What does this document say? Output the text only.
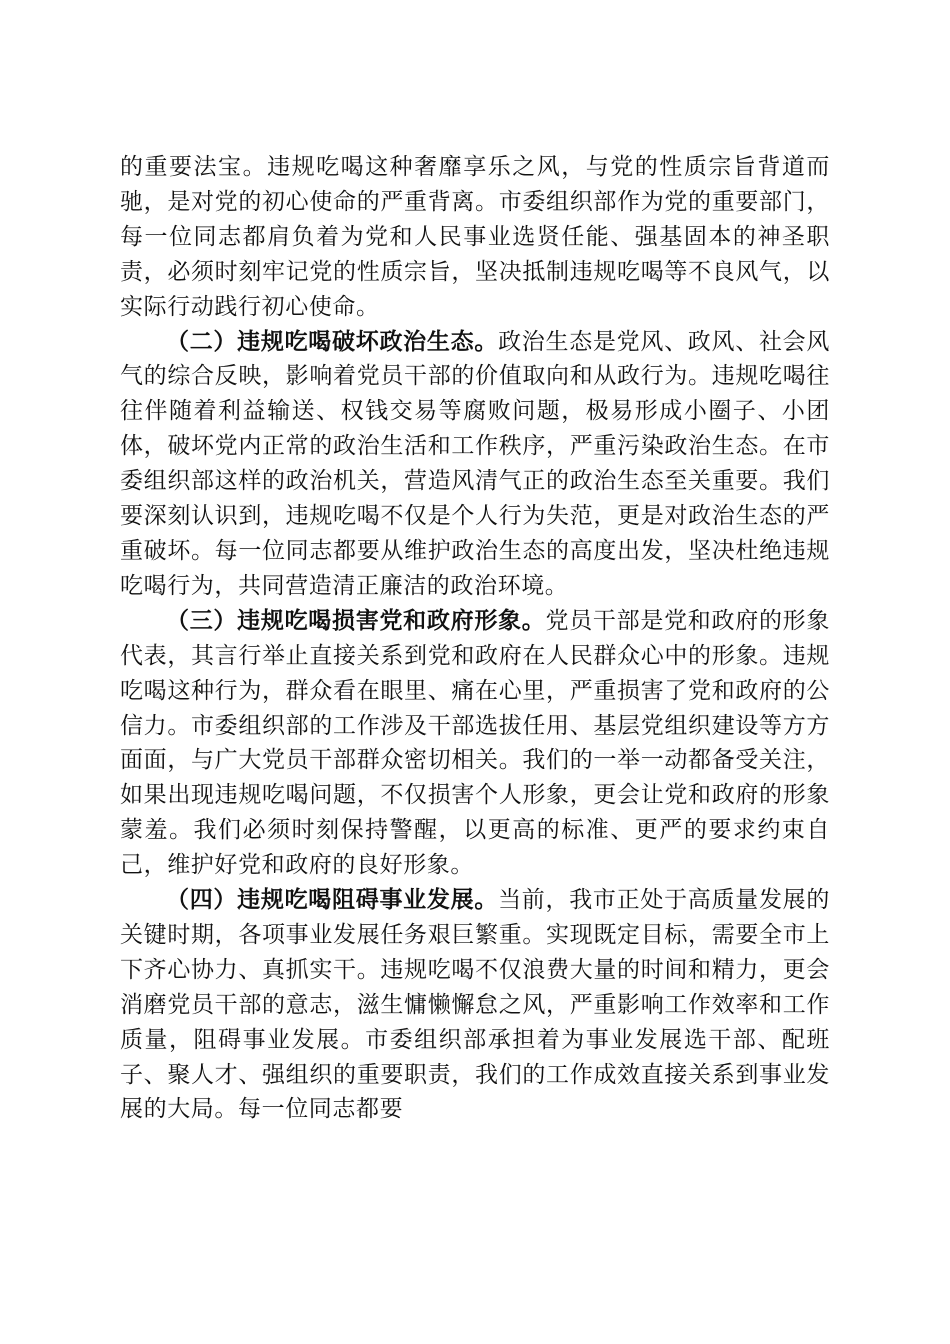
的重要法宝。违规吃喝这种奢靡享乐之风，与党的性质宗旨背道而驰，是对党的初心使命的严重背离。市委组织部作为党的重要部门，每一位同志都肩负着为党和人民事业选贤任能、强基固本的神圣职责，必须时刻牢记党的性质宗旨，坚决抵制违规吃喝等不良风气，以实际行动践行初心使命。

（二）违规吃喝破坏政治生态。政治生态是党风、政风、社会风气的综合反映，影响着党员干部的价值取向和从政行为。违规吃喝往往伴随着利益输送、权钱交易等腐败问题，极易形成小圈子、小团体，破坏党内正常的政治生活和工作秩序，严重污染政治生态。在市委组织部这样的政治机关，营造风清气正的政治生态至关重要。我们要深刻认识到，违规吃喝不仅是个人行为失范，更是对政治生态的严重破坏。每一位同志都要从维护政治生态的高度出发，坚决杜绝违规吃喝行为，共同营造清正廉洁的政治环境。

（三）违规吃喝损害党和政府形象。党员干部是党和政府的形象代表，其言行举止直接关系到党和政府在人民群众心中的形象。违规吃喝这种行为，群众看在眼里、痛在心里，严重损害了党和政府的公信力。市委组织部的工作涉及干部选拔任用、基层党组织建设等方方面面，与广大党员干部群众密切相关。我们的一举一动都备受关注，如果出现违规吃喝问题，不仅损害个人形象，更会让党和政府的形象蒙羞。我们必须时刻保持警醒，以更高的标准、更严的要求约束自己，维护好党和政府的良好形象。

（四）违规吃喝阻碍事业发展。当前，我市正处于高质量发展的关键时期，各项事业发展任务艰巨繁重。实现既定目标，需要全市上下齐心协力、真抓实干。违规吃喝不仅浪费大量的时间和精力，更会消磨党员干部的意志，滋生慵懒懈怠之风，严重影响工作效率和工作质量，阻碍事业发展。市委组织部承担着为事业发展选干部、配班子、聚人才、强组织的重要职责，我们的工作成效直接关系到事业发展的大局。每一位同志都要
